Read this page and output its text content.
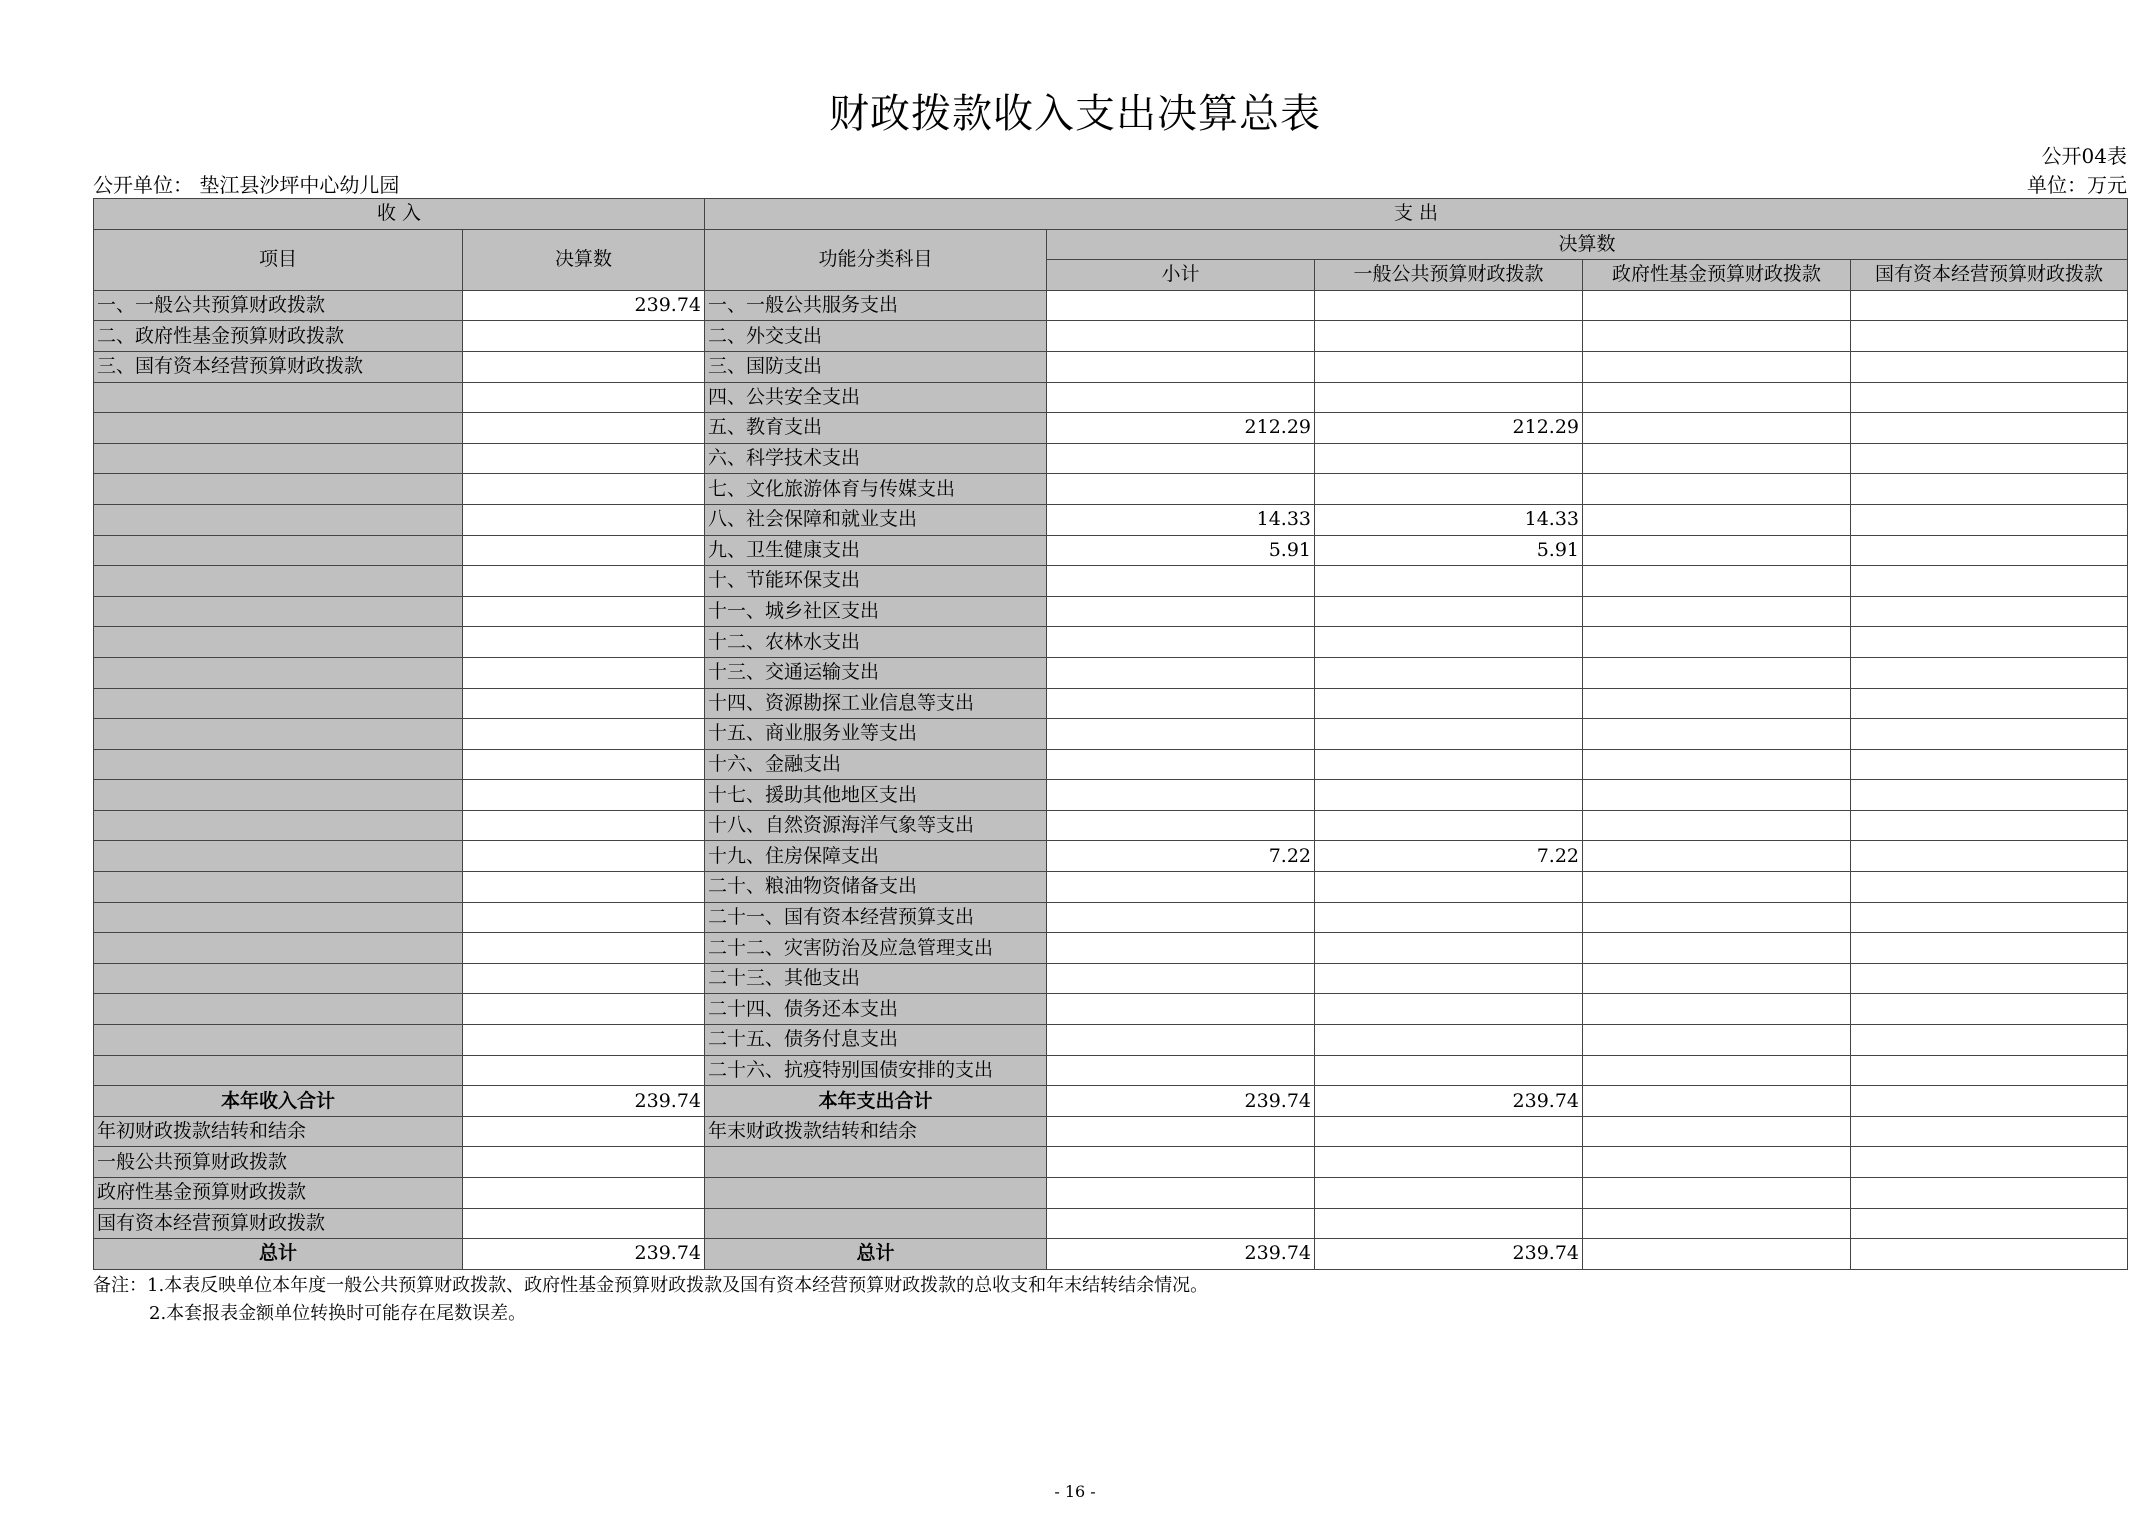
财政拨款收入支出决算总表
公开04表
公开单位： 垫江县沙坪中心幼儿园	单位：万元
收 入		支 出				
项目	决算数	功能分类科目	决算数			
			小计	一般公共预算财政拨款	政府性基金预算财政拨款	国有资本经营预算财政拨款
一、一般公共预算财政拨款	239.74	一、一般公共服务支出				
二、政府性基金预算财政拨款		二、外交支出				
三、国有资本经营预算财政拨款		三、国防支出				
		四、公共安全支出				
		五、教育支出	212.29	212.29		
		六、科学技术支出				
		七、文化旅游体育与传媒支出				
		八、社会保障和就业支出	14.33	14.33		
		九、卫生健康支出	5.91	5.91		
		十、节能环保支出				
		十一、城乡社区支出				
		十二、农林水支出				
		十三、交通运输支出				
		十四、资源勘探工业信息等支出				
		十五、商业服务业等支出				
		十六、金融支出				
		十七、援助其他地区支出				
		十八、自然资源海洋气象等支出				
		十九、住房保障支出	7.22	7.22		
		二十、粮油物资储备支出				
		二十一、国有资本经营预算支出				
		二十二、灾害防治及应急管理支出				
		二十三、其他支出				
		二十四、债务还本支出				
		二十五、债务付息支出				
		二十六、抗疫特别国债安排的支出				
本年收入合计	239.74	本年支出合计	239.74	239.74		
年初财政拨款结转和结余		年末财政拨款结转和结余				
一般公共预算财政拨款						
政府性基金预算财政拨款						
国有资本经营预算财政拨款						
总计	239.74	总计	239.74	239.74		
备注：1.本表反映单位本年度一般公共预算财政拨款、政府性基金预算财政拨款及国有资本经营预算财政拨款的总收支和年末结转结余情况。
2.本套报表金额单位转换时可能存在尾数误差。
- 16 -
